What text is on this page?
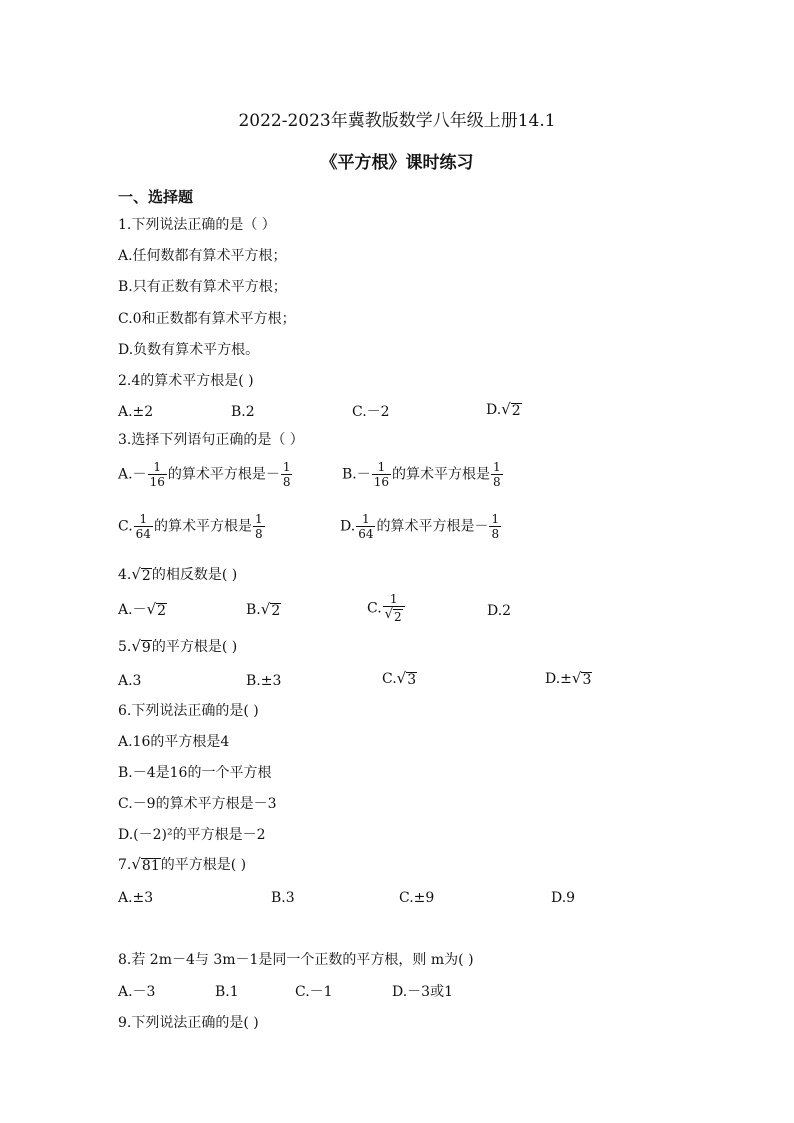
2022-2023年冀教版数学八年级上册14.1
《平方根》课时练习
一、选择题
1.下列说法正确的是（ ）
A.任何数都有算术平方根；
B.只有正数有算术平方根；
C.0和正数都有算术平方根；
D.负数有算术平方根。
2.4的算术平方根是( )
A.±2	B.2	C.－2	D. √ 2
3.选择下列语句正确的是（ ）
$A.- \frac{1}{16}$ 的算术平方根是－ $\frac{1}{8}$	$B.- \frac{1}{16}$ 的算术平方根是 $\frac{1}{8}$
C. $\frac{1}{64}$ 的算术平方根是 $\frac{1}{8}$	D. $\frac{1}{64}$ 的算术平方根是－ $\frac{1}{8}$
4. √ 2 的相反数是( )
A.－ √ 2	B. √ 2	C. $\frac{1}{√ 2}$	D.2
5. √ 9 的平方根是( )
A.3	B.±3	C. √ 3	D.± √ 3
6.下列说法正确的是( )
A.16的平方根是4
B.－4是16的一个平方根
C.－9的算术平方根是－3
D.(－2)²的平方根是－2
7. √ 81 的平方根是( )
A.±3	B.3	C.±9	D.9
8.若 2m－4与 3m－1是同一个正数的平方根，则 m为( )
A.－3	B.1	C.－1	D.－3或1
9.下列说法正确的是( )
